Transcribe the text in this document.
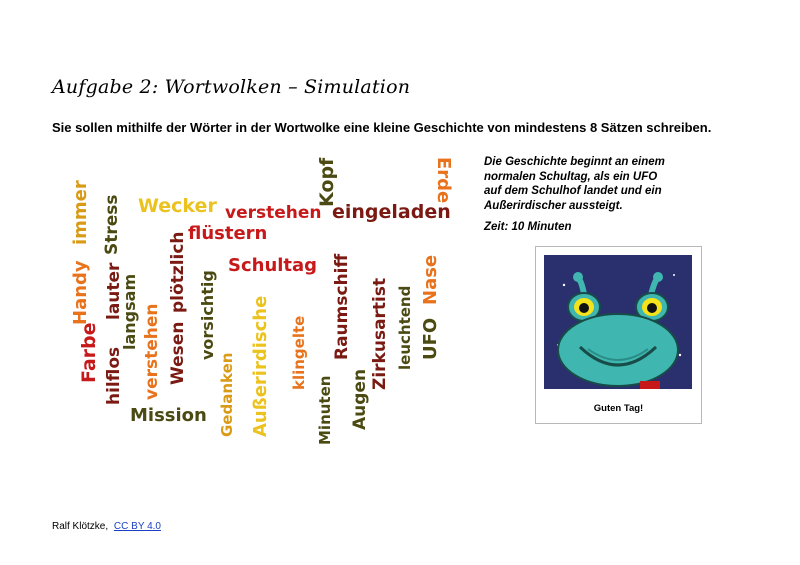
Aufgabe 2: Wortwolken – Simulation
Sie sollen mithilfe der Wörter in der Wortwolke eine kleine Geschichte von mindestens 8 Sätzen schreiben.
Die Geschichte beginnt an einem
normalen Schultag, als ein UFO
auf dem Schulhof landet und ein
Außerirdischer aussteigt.
Zeit: 10 Minuten
Handy
immer Stress
lauter
hilflos
langsam
Farbe verstehen Wesen
plötzlich vorsichtig
Gedanken Außerirdische klingelte
Minuten
Raumschiff
Augen
Zirkusartist leuchtend UFO
Nase
Kopf	Erde
Wecker verstehen eingeladen
flüstern
Schultag
Mission	Guten Tag!
Ralf Klötzke, CC BY 4.0
